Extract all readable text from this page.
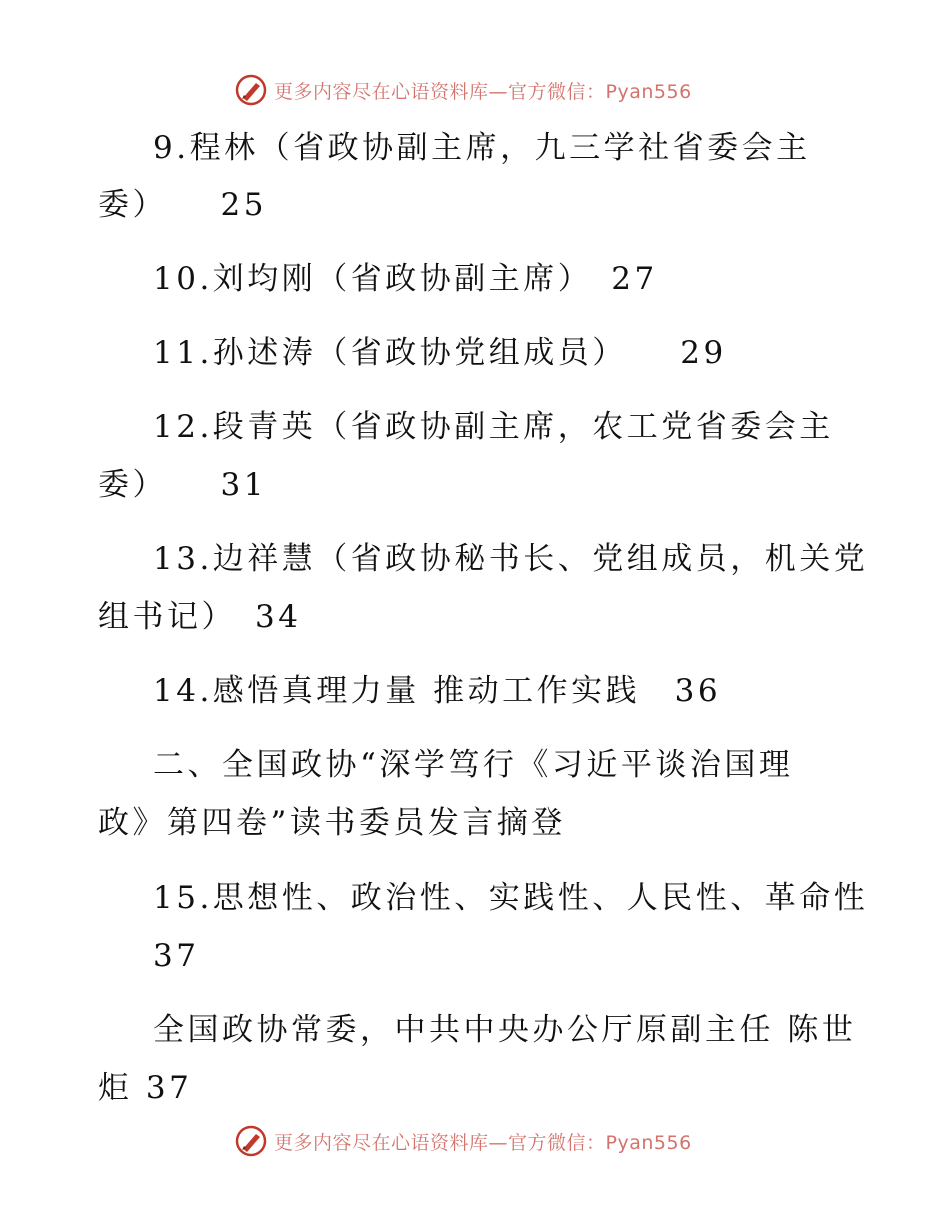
更多内容尽在心语资料库—官方微信：Pyan556
9.程林（省政协副主席，九三学社省委会主
委）　　25
10.刘均刚（省政协副主席）　27
11.孙述涛（省政协党组成员）　　29
12.段青英（省政协副主席，农工党省委会主
委）　　31
13.边祥慧（省政协秘书长、党组成员，机关党
组书记）　34
14.感悟真理力量 推动工作实践　36
二、全国政协“深学笃行《习近平谈治国理
政》第四卷”读书委员发言摘登
15.思想性、政治性、实践性、人民性、革命性
37
全国政协常委，中共中央办公厅原副主任 陈世
炬 37
更多内容尽在心语资料库—官方微信：Pyan556
